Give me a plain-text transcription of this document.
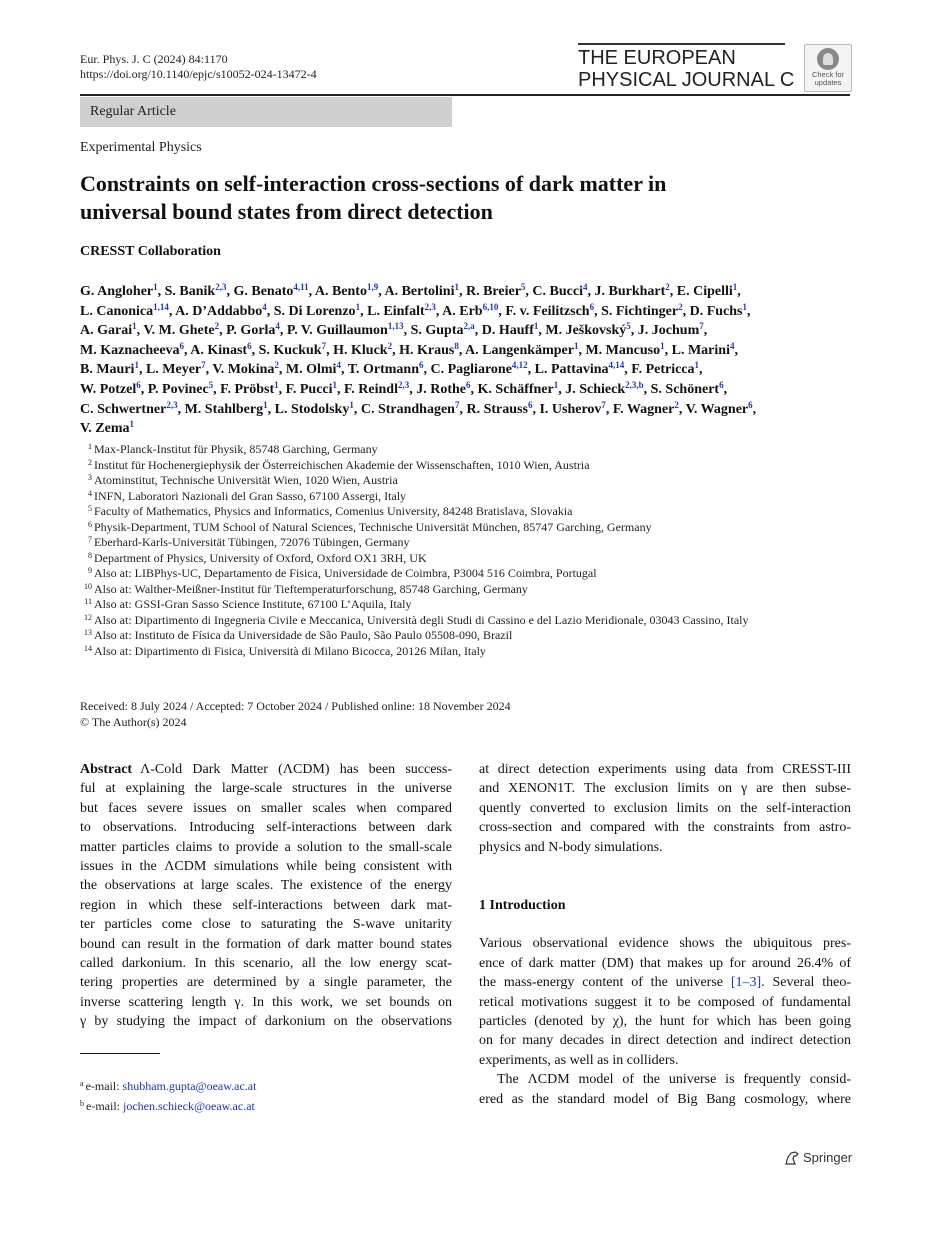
Eur. Phys. J. C (2024) 84:1170
https://doi.org/10.1140/epjc/s10052-024-13472-4
THE EUROPEAN
PHYSICAL JOURNAL C	Check for
updates
Regular Article
Experimental Physics
Constraints on self-interaction cross-sections of dark matter in
universal bound states from direct detection
CRESST Collaboration
G. Angloher$^1$, S. Banik$^{2,3}$, G. Benato$^{4,11}$, A. Bento$^{1,9}$, A. Bertolini$^1$, R. Breier$^5$, C. Bucci$^4$, J. Burkhart$^2$, E. Cipelli$^1$,
L. Canonica$^{1,14}$, A. D’Addabbo$^4$, S. Di Lorenzo$^1$, L. Einfalt$^{2,3}$, A. Erb$^{6,10}$, F. v. Feilitzsch$^6$, S. Fichtinger$^2$, D. Fuchs$^1$,
A. Garai$^1$, V. M. Ghete$^2$, P. Gorla$^4$, P. V. Guillaumon$^{1,13}$, S. Gupta$^{2,a}$, D. Hauff$^1$, M. Ješkovský$^5$, J. Jochum$^7$,
M. Kaznacheeva$^6$, A. Kinast$^6$, S. Kuckuk$^7$, H. Kluck$^2$, H. Kraus$^8$, A. Langenkämper$^1$, M. Mancuso$^1$, L. Marini$^4$,
B. Mauri$^1$, L. Meyer$^7$, V. Mokina$^2$, M. Olmi$^4$, T. Ortmann$^6$, C. Pagliarone$^{4,12}$, L. Pattavina$^{4,14}$, F. Petricca$^1$,
W. Potzel$^6$, P. Povinec$^5$, F. Pröbst$^1$, F. Pucci$^1$, F. Reindl$^{2,3}$, J. Rothe$^6$, K. Schäffner$^1$, J. Schieck$^{2,3,b}$, S. Schönert$^6$,
C. Schwertner$^{2,3}$, M. Stahlberg$^1$, L. Stodolsky$^1$, C. Strandhagen$^7$, R. Strauss$^6$, I. Usherov$^7$, F. Wagner$^2$, V. Wagner$^6$,
V. Zema$^1$
$^1$ Max-Planck-Institut für Physik, 85748 Garching, Germany
$^2$ Institut für Hochenergiephysik der Österreichischen Akademie der Wissenschaften, 1010 Wien, Austria
$^3$ Atominstitut, Technische Universität Wien, 1020 Wien, Austria
$^4$ INFN, Laboratori Nazionali del Gran Sasso, 67100 Assergi, Italy
$^5$ Faculty of Mathematics, Physics and Informatics, Comenius University, 84248 Bratislava, Slovakia
$^6$ Physik-Department, TUM School of Natural Sciences, Technische Universität München, 85747 Garching, Germany
$^7$ Eberhard-Karls-Universität Tübingen, 72076 Tübingen, Germany
$^8$ Department of Physics, University of Oxford, Oxford OX1 3RH, UK
$^9$ Also at: LIBPhys-UC, Departamento de Fisica, Universidade de Coimbra, P3004 516 Coimbra, Portugal
$^{10}$ Also at: Walther-Meißner-Institut für Tieftemperaturforschung, 85748 Garching, Germany
$^{11}$ Also at: GSSI-Gran Sasso Science Institute, 67100 L’Aquila, Italy
$^{12}$ Also at: Dipartimento di Ingegneria Civile e Meccanica, Università degli Studi di Cassino e del Lazio Meridionale, 03043 Cassino, Italy
$^{13}$ Also at: Instituto de Física da Universidade de São Paulo, São Paulo 05508-090, Brazil
$^{14}$ Also at: Dipartimento di Fisica, Università di Milano Bicocca, 20126 Milan, Italy
Received: 8 July 2024 / Accepted: 7 October 2024 / Published online: 18 November 2024
© The Author(s) 2024
Abstract Λ-Cold Dark Matter (ΛCDM) has been success-
ful at explaining the large-scale structures in the universe
but faces severe issues on smaller scales when compared
to observations. Introducing self-interactions between dark
matter particles claims to provide a solution to the small-scale
issues in the ΛCDM simulations while being consistent with
the observations at large scales. The existence of the energy
region in which these self-interactions between dark mat-
ter particles come close to saturating the S-wave unitarity
bound can result in the formation of dark matter bound states
called darkonium. In this scenario, all the low energy scat-
tering properties are determined by a single parameter, the
inverse scattering length γ. In this work, we set bounds on
γ by studying the impact of darkonium on the observations
$^a$ e-mail: shubham.gupta@oeaw.ac.at
$^b$ e-mail: jochen.schieck@oeaw.ac.at
at direct detection experiments using data from CRESST-III
and XENON1T. The exclusion limits on γ are then subse-
quently converted to exclusion limits on the self-interaction
cross-section and compared with the constraints from astro-
physics and N-body simulations.
1 Introduction
Various observational evidence shows the ubiquitous pres-
ence of dark matter (DM) that makes up for around 26.4% of
the mass-energy content of the universe [1–3]. Several theo-
retical motivations suggest it to be composed of fundamental
particles (denoted by χ), the hunt for which has been going
on for many decades in direct detection and indirect detection
experiments, as well as in colliders.
The ΛCDM model of the universe is frequently consid-
ered as the standard model of Big Bang cosmology, where
Springer
